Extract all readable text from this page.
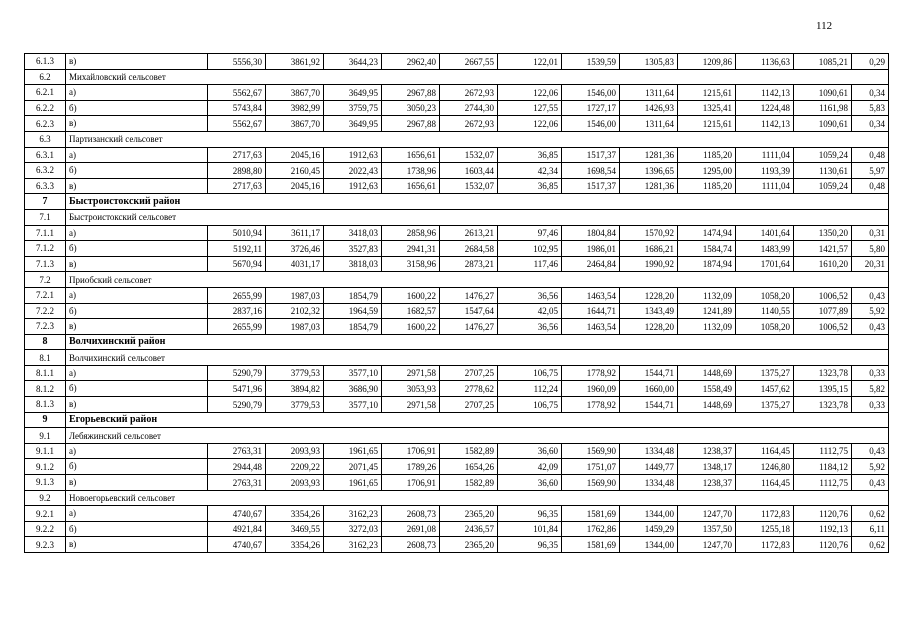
112
6.1.3	в)	5556,30	3861,92	3644,23	2962,40	2667,55	122,01	1539,59	1305,83	1209,86	1136,63	1085,21	0,29
6.2	Михайловский сельсовет												
6.2.1	а)	5562,67	3867,70	3649,95	2967,88	2672,93	122,06	1546,00	1311,64	1215,61	1142,13	1090,61	0,34
6.2.2	б)	5743,84	3982,99	3759,75	3050,23	2744,30	127,55	1727,17	1426,93	1325,41	1224,48	1161,98	5,83
6.2.3	в)	5562,67	3867,70	3649,95	2967,88	2672,93	122,06	1546,00	1311,64	1215,61	1142,13	1090,61	0,34
6.3	Партизанский сельсовет												
6.3.1	а)	2717,63	2045,16	1912,63	1656,61	1532,07	36,85	1517,37	1281,36	1185,20	1111,04	1059,24	0,48
6.3.2	б)	2898,80	2160,45	2022,43	1738,96	1603,44	42,34	1698,54	1396,65	1295,00	1193,39	1130,61	5,97
6.3.3	в)	2717,63	2045,16	1912,63	1656,61	1532,07	36,85	1517,37	1281,36	1185,20	1111,04	1059,24	0,48
7	Быстроистокский район												
7.1	Быстроистокский сельсовет												
7.1.1	а)	5010,94	3611,17	3418,03	2858,96	2613,21	97,46	1804,84	1570,92	1474,94	1401,64	1350,20	0,31
7.1.2	б)	5192,11	3726,46	3527,83	2941,31	2684,58	102,95	1986,01	1686,21	1584,74	1483,99	1421,57	5,80
7.1.3	в)	5670,94	4031,17	3818,03	3158,96	2873,21	117,46	2464,84	1990,92	1874,94	1701,64	1610,20	20,31
7.2	Приобский сельсовет												
7.2.1	а)	2655,99	1987,03	1854,79	1600,22	1476,27	36,56	1463,54	1228,20	1132,09	1058,20	1006,52	0,43
7.2.2	б)	2837,16	2102,32	1964,59	1682,57	1547,64	42,05	1644,71	1343,49	1241,89	1140,55	1077,89	5,92
7.2.3	в)	2655,99	1987,03	1854,79	1600,22	1476,27	36,56	1463,54	1228,20	1132,09	1058,20	1006,52	0,43
8	Волчихинский район												
8.1	Волчихинский сельсовет												
8.1.1	а)	5290,79	3779,53	3577,10	2971,58	2707,25	106,75	1778,92	1544,71	1448,69	1375,27	1323,78	0,33
8.1.2	б)	5471,96	3894,82	3686,90	3053,93	2778,62	112,24	1960,09	1660,00	1558,49	1457,62	1395,15	5,82
8.1.3	в)	5290,79	3779,53	3577,10	2971,58	2707,25	106,75	1778,92	1544,71	1448,69	1375,27	1323,78	0,33
9	Егорьевский район												
9.1	Лебяжинский сельсовет												
9.1.1	а)	2763,31	2093,93	1961,65	1706,91	1582,89	36,60	1569,90	1334,48	1238,37	1164,45	1112,75	0,43
9.1.2	б)	2944,48	2209,22	2071,45	1789,26	1654,26	42,09	1751,07	1449,77	1348,17	1246,80	1184,12	5,92
9.1.3	в)	2763,31	2093,93	1961,65	1706,91	1582,89	36,60	1569,90	1334,48	1238,37	1164,45	1112,75	0,43
9.2	Новоегорьевский сельсовет												
9.2.1	а)	4740,67	3354,26	3162,23	2608,73	2365,20	96,35	1581,69	1344,00	1247,70	1172,83	1120,76	0,62
9.2.2	б)	4921,84	3469,55	3272,03	2691,08	2436,57	101,84	1762,86	1459,29	1357,50	1255,18	1192,13	6,11
9.2.3	в)	4740,67	3354,26	3162,23	2608,73	2365,20	96,35	1581,69	1344,00	1247,70	1172,83	1120,76	0,62
